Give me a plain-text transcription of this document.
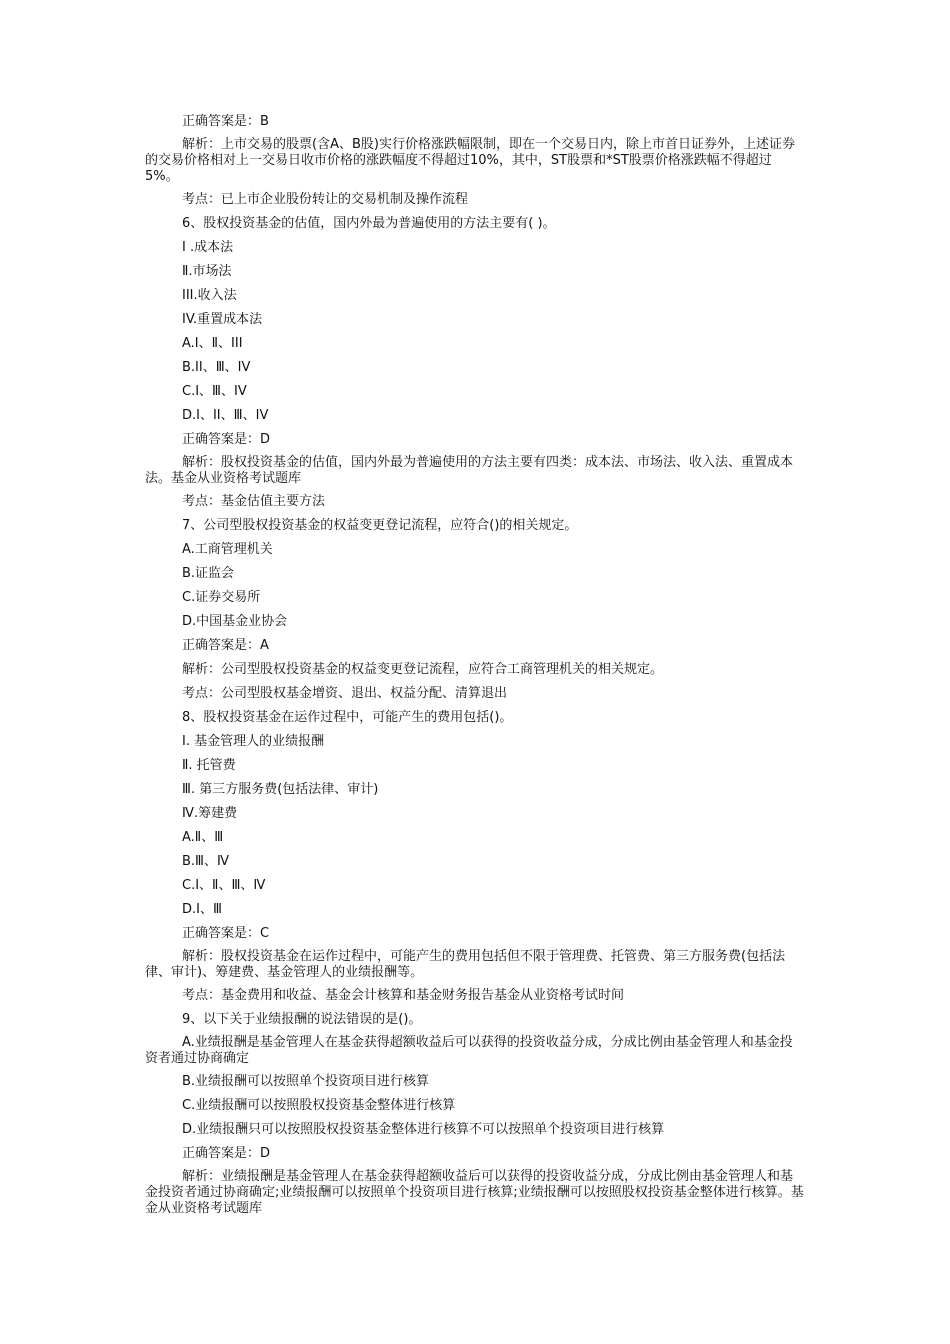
正确答案是：B

解析：上市交易的股票(含A、B股)实行价格涨跌幅限制，即在一个交易日内，除上市首日证券外，上述证券的交易价格相对上一交易日收市价格的涨跌幅度不得超过10%，其中，ST股票和*ST股票价格涨跌幅不得超过5%。

考点：已上市企业股份转让的交易机制及操作流程

6、股权投资基金的估值，国内外最为普遍使用的方法主要有( )。

I .成本法

Ⅱ.市场法

III.收入法

IV.重置成本法

A.I、Ⅱ、III

B.II、Ⅲ、IV

C.I、Ⅲ、IV

D.I、II、Ⅲ、IV

正确答案是：D

解析：股权投资基金的估值，国内外最为普遍使用的方法主要有四类：成本法、市场法、收入法、重置成本法。基金从业资格考试题库

考点：基金估值主要方法

7、公司型股权投资基金的权益变更登记流程，应符合()的相关规定。

A.工商管理机关

B.证监会

C.证券交易所

D.中国基金业协会

正确答案是：A

解析：公司型股权投资基金的权益变更登记流程，应符合工商管理机关的相关规定。

考点：公司型股权基金增资、退出、权益分配、清算退出

8、股权投资基金在运作过程中，可能产生的费用包括()。

Ⅰ. 基金管理人的业绩报酬

Ⅱ. 托管费

Ⅲ. 第三方服务费(包括法律、审计)

Ⅳ.筹建费

A.Ⅱ、Ⅲ

B.Ⅲ、Ⅳ

C.Ⅰ、Ⅱ、Ⅲ、Ⅳ

D.Ⅰ、Ⅲ

正确答案是：C

解析：股权投资基金在运作过程中，可能产生的费用包括但不限于管理费、托管费、第三方服务费(包括法律、审计)、筹建费、基金管理人的业绩报酬等。

考点：基金费用和收益、基金会计核算和基金财务报告基金从业资格考试时间

9、以下关于业绩报酬的说法错误的是()。

A.业绩报酬是基金管理人在基金获得超额收益后可以获得的投资收益分成，分成比例由基金管理人和基金投资者通过协商确定

B.业绩报酬可以按照单个投资项目进行核算

C.业绩报酬可以按照股权投资基金整体进行核算

D.业绩报酬只可以按照股权投资基金整体进行核算不可以按照单个投资项目进行核算

正确答案是：D

解析：业绩报酬是基金管理人在基金获得超额收益后可以获得的投资收益分成，分成比例由基金管理人和基金投资者通过协商确定;业绩报酬可以按照单个投资项目进行核算;业绩报酬可以按照股权投资基金整体进行核算。基金从业资格考试题库
